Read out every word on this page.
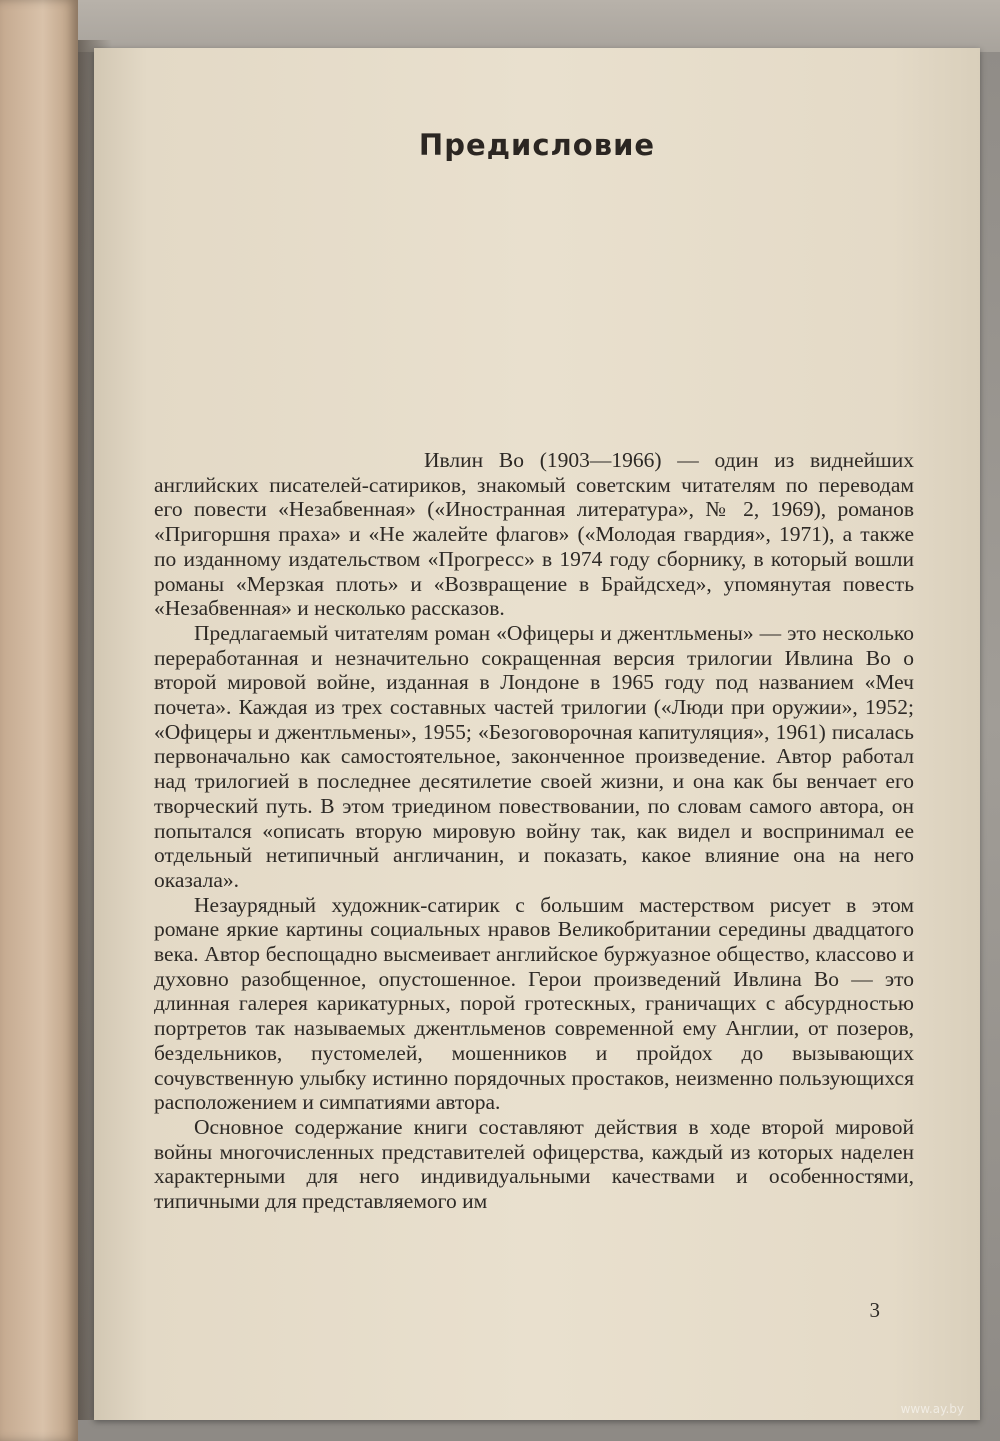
Предисловие

Ивлин Во (1903—1966) — один из виднейших английских писателей-сатириков, знакомый советским читателям по переводам его повести «Незабвенная» («Иностранная литература», № 2, 1969), романов «Пригоршня праха» и «Не жалейте флагов» («Молодая гвардия», 1971), а также по изданному издательством «Прогресс» в 1974 году сборнику, в который вошли романы «Мерзкая плоть» и «Возвращение в Брайдсхед», упомянутая повесть «Незабвенная» и несколько рассказов.

Предлагаемый читателям роман «Офицеры и джентльмены» — это несколько переработанная и незначительно сокращенная версия трилогии Ивлина Во о второй мировой войне, изданная в Лондоне в 1965 году под названием «Меч почета». Каждая из трех составных частей трилогии («Люди при оружии», 1952; «Офицеры и джентльмены», 1955; «Безоговорочная капитуляция», 1961) писалась первоначально как самостоятельное, законченное произведение. Автор работал над трилогией в последнее десятилетие своей жизни, и она как бы венчает его творческий путь. В этом триедином повествовании, по словам самого автора, он попытался «описать вторую мировую войну так, как видел и воспринимал ее отдельный нетипичный англичанин, и показать, какое влияние она на него оказала».

Незаурядный художник-сатирик с большим мастерством рисует в этом романе яркие картины социальных нравов Великобритании середины двадцатого века. Автор беспощадно высмеивает английское буржуазное общество, классово и духовно разобщенное, опустошенное. Герои произведений Ивлина Во — это длинная галерея карикатурных, порой гротескных, граничащих с абсурдностью портретов так называемых джентльменов современной ему Англии, от позеров, бездельников, пустомелей, мошенников и пройдох до вызывающих сочувственную улыбку истинно порядочных простаков, неизменно пользующихся расположением и симпатиями автора.

Основное содержание книги составляют действия в ходе второй мировой войны многочисленных представителей офицерства, каждый из которых наделен характерными для него индивидуальными качествами и особенностями, типичными для представляемого им

3
www.ay.by
